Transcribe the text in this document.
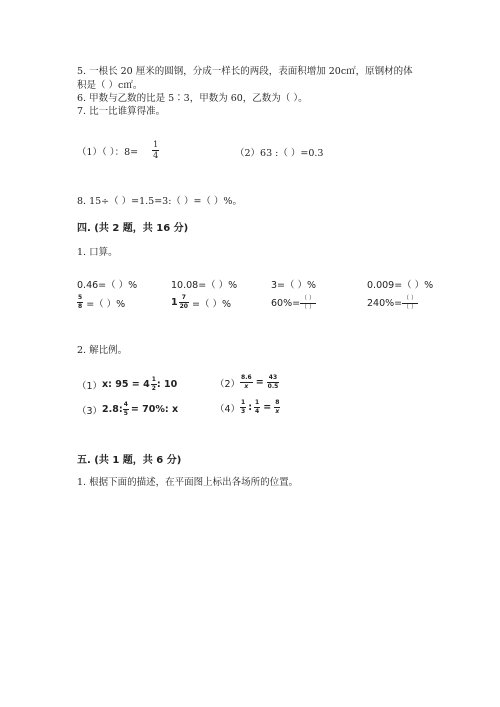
5. 一根长 20 厘米的圆钢，分成一样长的两段，表面积增加 20c㎡，原钢材的体
积是（ ）c㎡。
6. 甲数与乙数的比是 5∶3，甲数为 60，乙数为（ ）。
7. 比一比谁算得准。
（1）（ ）：$8= \frac{1}{4}$	（2）63 :（ ）=0.3
8. 15÷（ ）=1.5=3:（ ）=（ ）%。
四. (共 2 题，共 16 分)
1. 口算。
0.46=（ ）%	10.08=（ ）%	3=（ ）%	0.009=（ ）%
$\frac{5}{8}$ =（ ）%	$1 \frac{7}{20}$ =（ ）%	$60\%= \frac{( )}{( )}$	$240\%= \frac{( )}{( )}$
2. 解比例。
（1） x: $95 = 4 \frac{1}{2}$ : 10	$(2) \frac{8.6}{x} = \frac{43}{0.5}$
（3） 2.8: $\frac{4}{5} = 70\%$: x	$(4) \frac{1}{3}$ : $\frac{1}{4} = \frac{8}{x}$
五. (共 1 题，共 6 分)
1. 根据下面的描述，在平面图上标出各场所的位置。
